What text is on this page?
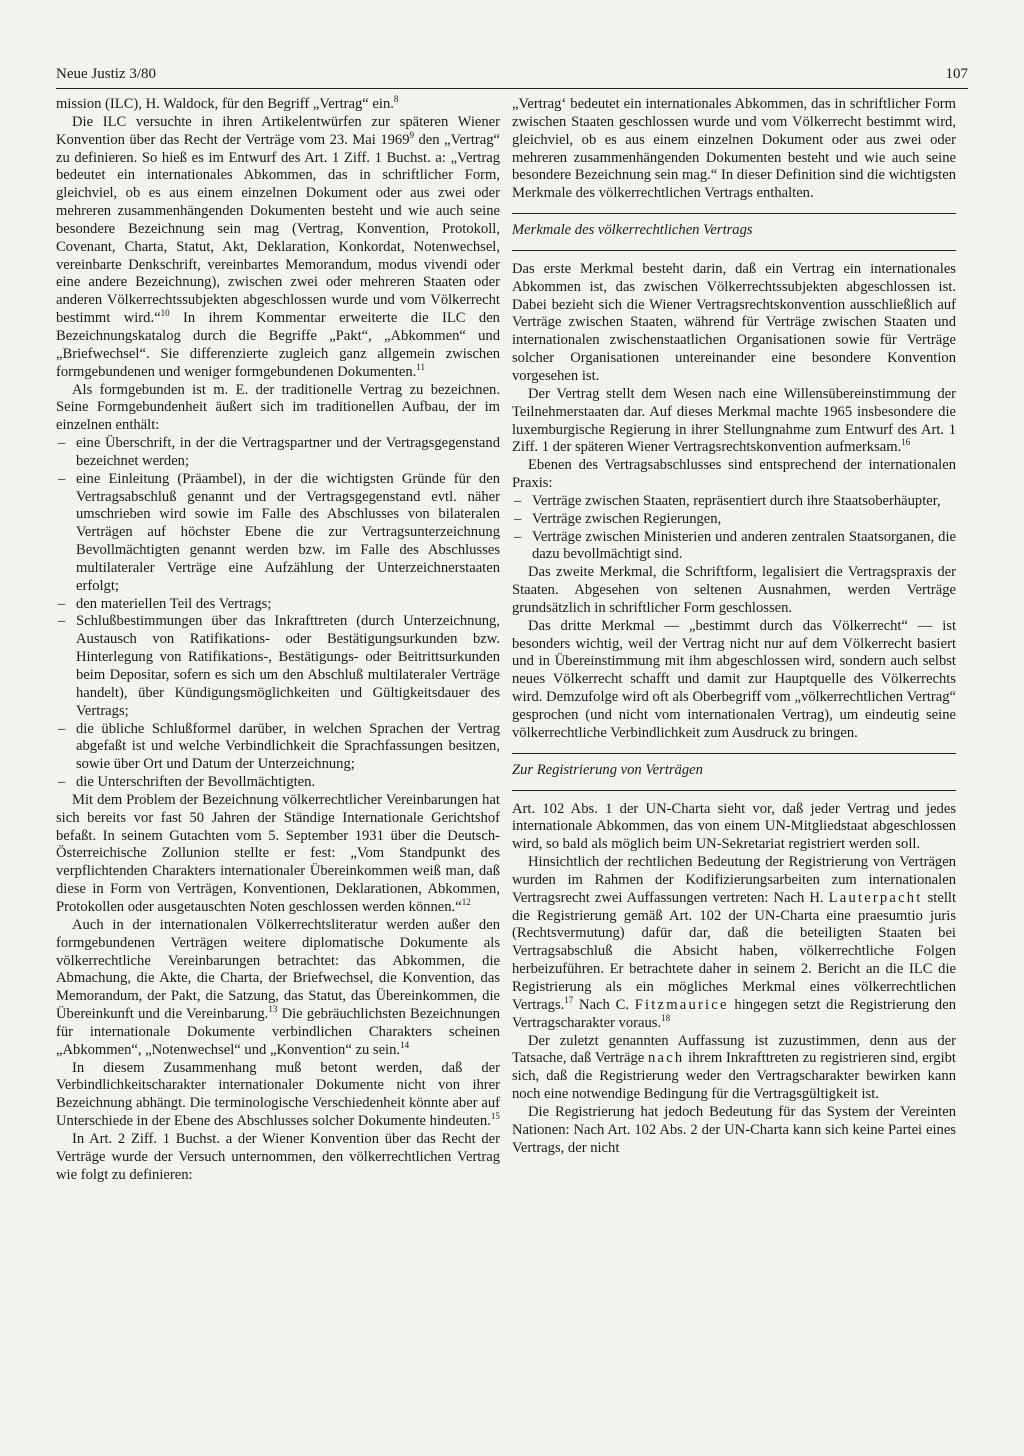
Neue Justiz 3/80	107

mission (ILC), H. Waldock, für den Begriff „Vertrag“ ein.$^8$

Die ILC versuchte in ihren Artikelentwürfen zur späteren Wiener Konvention über das Recht der Verträge vom 23. Mai 1969$^9$ den „Vertrag“ zu definieren. So hieß es im Entwurf des Art. 1 Ziff. 1 Buchst. a: „Vertrag bedeutet ein internationales Abkommen, das in schriftlicher Form, gleichviel, ob es aus einem einzelnen Dokument oder aus zwei oder mehreren zusammenhängenden Dokumenten besteht und wie auch seine besondere Bezeichnung sein mag (Vertrag, Konvention, Protokoll, Covenant, Charta, Statut, Akt, Deklaration, Konkordat, Notenwechsel, vereinbarte Denkschrift, vereinbartes Memorandum, modus vivendi oder eine andere Bezeichnung), zwischen zwei oder mehreren Staaten oder anderen Völkerrechtssubjekten abgeschlossen wurde und vom Völkerrecht bestimmt wird.“$^{10}$ In ihrem Kommentar erweiterte die ILC den Bezeichnungskatalog durch die Begriffe „Pakt“, „Abkommen“ und „Briefwechsel“. Sie differenzierte zugleich ganz allgemein zwischen formgebundenen und weniger formgebundenen Dokumenten.$^{11}$

Als formgebunden ist m. E. der traditionelle Vertrag zu bezeichnen. Seine Formgebundenheit äußert sich im traditionellen Aufbau, der im einzelnen enthält:

– eine Überschrift, in der die Vertragspartner und der Vertragsgegenstand bezeichnet werden;
– eine Einleitung (Präambel), in der die wichtigsten Gründe für den Vertragsabschluß genannt und der Vertragsgegenstand evtl. näher umschrieben wird sowie im Falle des Abschlusses von bilateralen Verträgen auf höchster Ebene die zur Vertragsunterzeichnung Bevollmächtigten genannt werden bzw. im Falle des Abschlusses multilateraler Verträge eine Aufzählung der Unterzeichnerstaaten erfolgt;
– den materiellen Teil des Vertrags;
– Schlußbestimmungen über das Inkrafttreten (durch Unterzeichnung, Austausch von Ratifikations- oder Bestätigungsurkunden bzw. Hinterlegung von Ratifikations-, Bestätigungs- oder Beitrittsurkunden beim Depositar, sofern es sich um den Abschluß multilateraler Verträge handelt), über Kündigungsmöglichkeiten und Gültigkeitsdauer des Vertrags;
– die übliche Schlußformel darüber, in welchen Sprachen der Vertrag abgefaßt ist und welche Verbindlichkeit die Sprachfassungen besitzen, sowie über Ort und Datum der Unterzeichnung;
– die Unterschriften der Bevollmächtigten.

Mit dem Problem der Bezeichnung völkerrechtlicher Vereinbarungen hat sich bereits vor fast 50 Jahren der Ständige Internationale Gerichtshof befaßt. In seinem Gutachten vom 5. September 1931 über die Deutsch-Österreichische Zollunion stellte er fest: „Vom Standpunkt des verpflichtenden Charakters internationaler Übereinkommen weiß man, daß diese in Form von Verträgen, Konventionen, Deklarationen, Abkommen, Protokollen oder ausgetauschten Noten geschlossen werden können.“$^{12}$

Auch in der internationalen Völkerrechtsliteratur werden außer den formgebundenen Verträgen weitere diplomatische Dokumente als völkerrechtliche Vereinbarungen betrachtet: das Abkommen, die Abmachung, die Akte, die Charta, der Briefwechsel, die Konvention, das Memorandum, der Pakt, die Satzung, das Statut, das Übereinkommen, die Übereinkunft und die Vereinbarung.$^{13}$ Die gebräuchlichsten Bezeichnungen für internationale Dokumente verbindlichen Charakters scheinen „Abkommen“, „Notenwechsel“ und „Konvention“ zu sein.$^{14}$

In diesem Zusammenhang muß betont werden, daß der Verbindlichkeitscharakter internationaler Dokumente nicht von ihrer Bezeichnung abhängt. Die terminologische Verschiedenheit könnte aber auf Unterschiede in der Ebene des Abschlusses solcher Dokumente hindeuten.$^{15}$

In Art. 2 Ziff. 1 Buchst. a der Wiener Konvention über das Recht der Verträge wurde der Versuch unternommen, den völkerrechtlichen Vertrag wie folgt zu definieren:

„Vertrag‘ bedeutet ein internationales Abkommen, das in schriftlicher Form zwischen Staaten geschlossen wurde und vom Völkerrecht bestimmt wird, gleichviel, ob es aus einem einzelnen Dokument oder aus zwei oder mehreren zusammenhängenden Dokumenten besteht und wie auch seine besondere Bezeichnung sein mag.“ In dieser Definition sind die wichtigsten Merkmale des völkerrechtlichen Vertrags enthalten.

Merkmale des völkerrechtlichen Vertrags

Das erste Merkmal besteht darin, daß ein Vertrag ein internationales Abkommen ist, das zwischen Völkerrechtssubjekten abgeschlossen ist. Dabei bezieht sich die Wiener Vertragsrechtskonvention ausschließlich auf Verträge zwischen Staaten, während für Verträge zwischen Staaten und internationalen zwischenstaatlichen Organisationen sowie für Verträge solcher Organisationen untereinander eine besondere Konvention vorgesehen ist.

Der Vertrag stellt dem Wesen nach eine Willensübereinstimmung der Teilnehmerstaaten dar. Auf dieses Merkmal machte 1965 insbesondere die luxemburgische Regierung in ihrer Stellungnahme zum Entwurf des Art. 1 Ziff. 1 der späteren Wiener Vertragsrechtskonvention aufmerksam.$^{16}$

Ebenen des Vertragsabschlusses sind entsprechend der internationalen Praxis:

– Verträge zwischen Staaten, repräsentiert durch ihre Staatsoberhäupter,
– Verträge zwischen Regierungen,
– Verträge zwischen Ministerien und anderen zentralen Staatsorganen, die dazu bevollmächtigt sind.

Das zweite Merkmal, die Schriftform, legalisiert die Vertragspraxis der Staaten. Abgesehen von seltenen Ausnahmen, werden Verträge grundsätzlich in schriftlicher Form geschlossen.

Das dritte Merkmal — „bestimmt durch das Völkerrecht“ — ist besonders wichtig, weil der Vertrag nicht nur auf dem Völkerrecht basiert und in Übereinstimmung mit ihm abgeschlossen wird, sondern auch selbst neues Völkerrecht schafft und damit zur Hauptquelle des Völkerrechts wird. Demzufolge wird oft als Oberbegriff vom „völkerrechtlichen Vertrag“ gesprochen (und nicht vom internationalen Vertrag), um eindeutig seine völkerrechtliche Verbindlichkeit zum Ausdruck zu bringen.

Zur Registrierung von Verträgen

Art. 102 Abs. 1 der UN-Charta sieht vor, daß jeder Vertrag und jedes internationale Abkommen, das von einem UN-Mitgliedstaat abgeschlossen wird, so bald als möglich beim UN-Sekretariat registriert werden soll.

Hinsichtlich der rechtlichen Bedeutung der Registrierung von Verträgen wurden im Rahmen der Kodifizierungsarbeiten zum internationalen Vertragsrecht zwei Auffassungen vertreten: Nach H. Lauterpacht stellt die Registrierung gemäß Art. 102 der UN-Charta eine praesumtio juris (Rechtsvermutung) dafür dar, daß die beteiligten Staaten bei Vertragsabschluß die Absicht haben, völkerrechtliche Folgen herbeizuführen. Er betrachtete daher in seinem 2. Bericht an die ILC die Registrierung als ein mögliches Merkmal eines völkerrechtlichen Vertrags.$^{17}$ Nach C. Fitzmaurice hingegen setzt die Registrierung den Vertragscharakter voraus.$^{18}$

Der zuletzt genannten Auffassung ist zuzustimmen, denn aus der Tatsache, daß Verträge nach ihrem Inkrafttreten zu registrieren sind, ergibt sich, daß die Registrierung weder den Vertragscharakter bewirken kann noch eine notwendige Bedingung für die Vertragsgültigkeit ist.

Die Registrierung hat jedoch Bedeutung für das System der Vereinten Nationen: Nach Art. 102 Abs. 2 der UN-Charta kann sich keine Partei eines Vertrags, der nicht
